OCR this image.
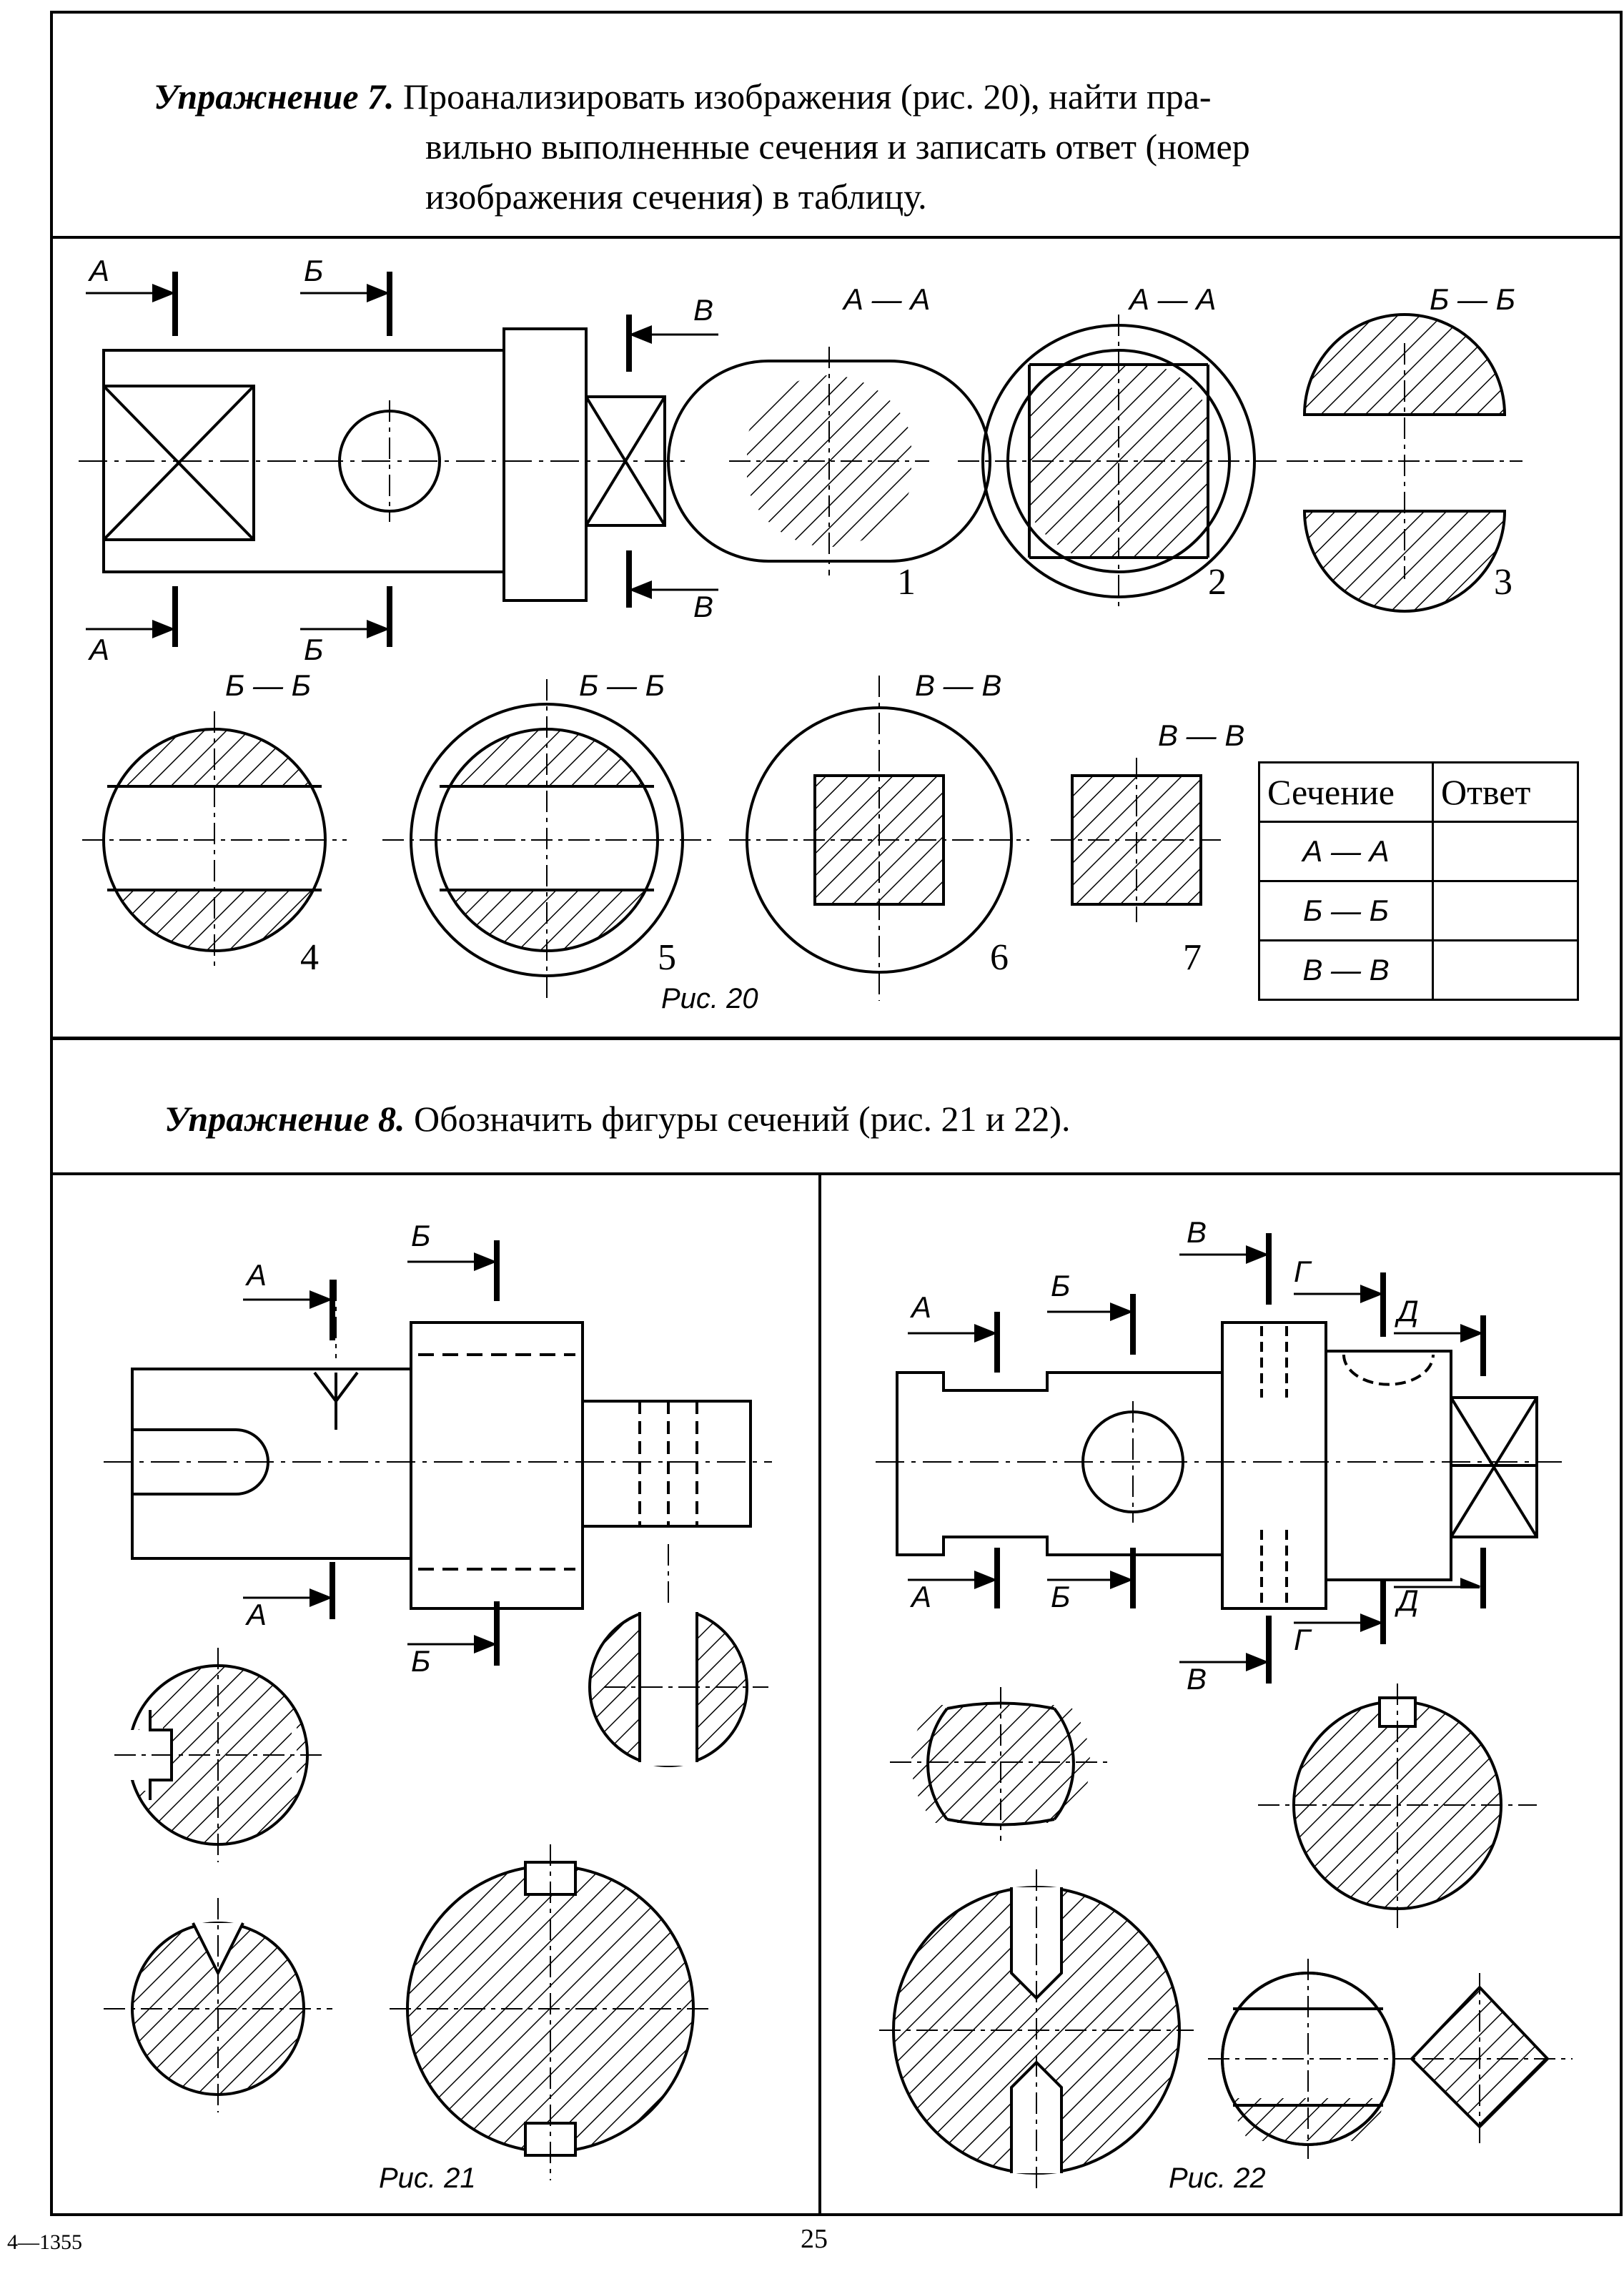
Упражнение 7. Проанализировать изображения (рис. 20), найти пра-
вильно выполненные сечения и записать ответ (номер
изображения сечения) в таблицу.
Упражнение 8. Обозначить фигуры сечений (рис. 21 и 22).
А	Б
В
А	Б
В
А — А	А — А	Б — Б
Б — Б	Б — Б	В — В
В — В
1	2	3
4	5	6	7
Рис. 20
Сечение	Ответ
А — А	
Б — Б	
В — В	
А
Б
А
Б
Рис. 21
А
Б
В
Г
Д
А	Б
В
Г
Д
Рис. 22
4—1355	25
